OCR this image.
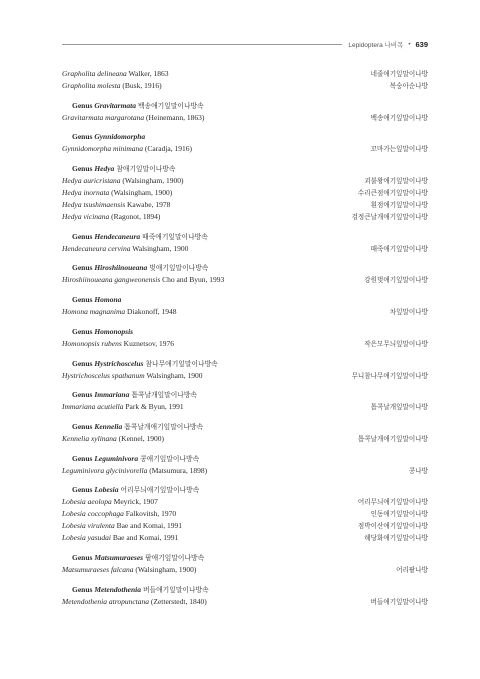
Lepidoptera 나비목 • 639
Grapholita delineana Walker, 1863	네줄애기잎말이나방
Grapholita molesta (Busk, 1916)	복숭아순나방
Genus Gravitarmata 백송애기잎말이나방속
Gravitarmata margarotana (Heinemann, 1863)	백송애기잎말이나방
Genus Gynnidomorpha
Gynnidomorpha minimana (Caradja, 1916)	꼬마가는잎말이나방
Genus Hedya 참애기잎말이나방속
Hedya auricristana (Walsingham, 1900)	괴불왕애기잎말이나방
Hedya inornata (Walsingham, 1900)	수리큰점애기잎말이나방
Hedya tsushimaensis Kawabe, 1978	흰점애기잎말이나방
Hedya vicinana (Ragonot, 1894)	검정큰날개애기잎말이나방
Genus Hendecaneura 때죽애기잎말이나방속
Hendecaneura cervina Walsingham, 1900	때죽애기잎말이나방
Genus Hiroshiinoueana 벚애기잎말이나방속
Hiroshiinoueana gangweonensis Cho and Byun, 1993	강원벚애기잎말이나방
Genus Homona
Homona magnanima Diakonoff, 1948	차잎말이나방
Genus Homonopsis
Homonopsis rubens Kuznetsov, 1976	작은모무늬잎말이나방
Genus Hystrichoscelus 참나무애기잎말이나방속
Hystrichoscelus spathanum Walsingham, 1900	무니참나무애기잎말이나방
Genus Immariana 톱콕날개잎말이나방속
Immariana acutiella Park & Byun, 1991	톱콕날개잎말이나방
Genus Kennelia 톱콕날개애기잎말이나방속
Kennelia xylinana (Kennel, 1900)	톱콕날개애기잎말이나방
Genus Leguminivora 콩애기잎말이나방속
Leguminivora glycinivorella (Matsumura, 1898)	콩나방
Genus Lobesia 어리무늬애기잎말이나방속
Lobesia aeolopa Meyrick, 1907	어리무늬애기잎말이나방
Lobesia coccophaga Falkovitsh, 1970	인동애기잎말이나방
Lobesia virulenta Bae and Komai, 1991	점박이산애기잎말이나방
Lobesia yasudai Bae and Komai, 1991	해당화애기잎말이나방
Genus Matsumuraeses 팥애기잎말이나방속
Matsumuraeses falcana (Walsingham, 1900)	어리팥나방
Genus Metendothenia 버들애기잎말이나방속
Metendothenia atropunctana (Zetterstedt, 1840)	버들애기잎말이나방
